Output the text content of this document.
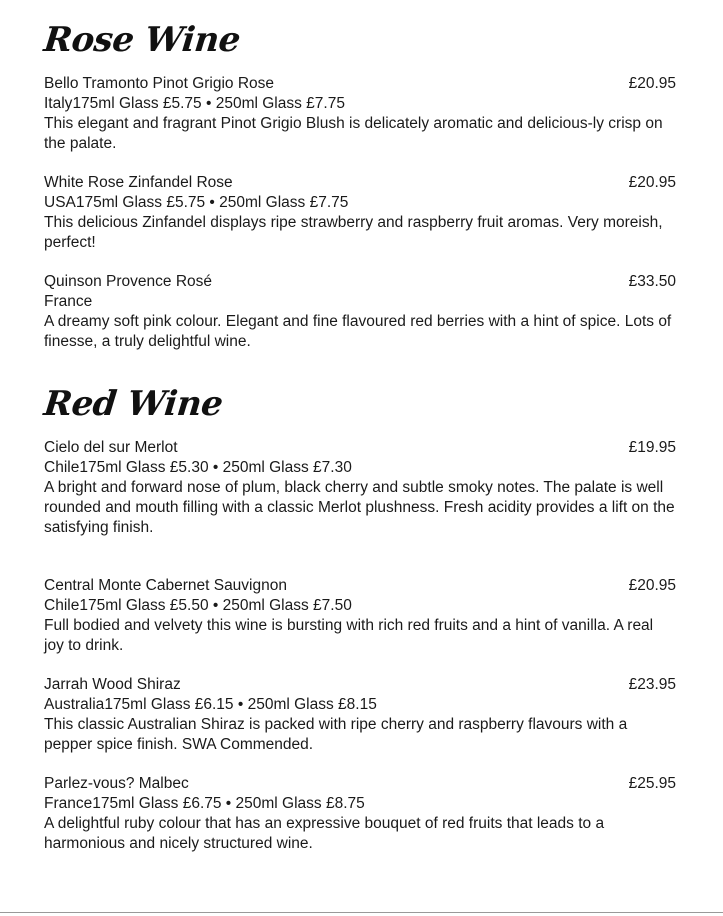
Rose Wine
Bello Tramonto Pinot Grigio Rose	£20.95
Italy175ml Glass £5.75 • 250ml Glass £7.75

This elegant and fragrant Pinot Grigio Blush is delicately aromatic and delicious-ly crisp on the palate.

White Rose Zinfandel Rose	£20.95
USA175ml Glass £5.75 • 250ml Glass £7.75

This delicious Zinfandel displays ripe strawberry and raspberry fruit aromas. Very moreish, perfect!

Quinson Provence Rosé	£33.50
France

A dreamy soft pink colour. Elegant and fine flavoured red berries with a hint of spice. Lots of finesse, a truly delightful wine.

Red Wine
Cielo del sur Merlot	£19.95
Chile175ml Glass £5.30 • 250ml Glass £7.30

A bright and forward nose of plum, black cherry and subtle smoky notes. The palate is well rounded and mouth filling with a classic Merlot plushness. Fresh acidity provides a lift on the satisfying finish.

Central Monte Cabernet Sauvignon	£20.95
Chile175ml Glass £5.50 • 250ml Glass £7.50

Full bodied and velvety this wine is bursting with rich red fruits and a hint of vanilla. A real joy to drink.

Jarrah Wood Shiraz	£23.95
Australia175ml Glass £6.15 • 250ml Glass £8.15

This classic Australian Shiraz is packed with ripe cherry and raspberry flavours with a pepper spice finish. SWA Commended.

Parlez-vous? Malbec	£25.95
France175ml Glass £6.75 • 250ml Glass £8.75

A delightful ruby colour that has an expressive bouquet of red fruits that leads to a harmonious and nicely structured wine.
